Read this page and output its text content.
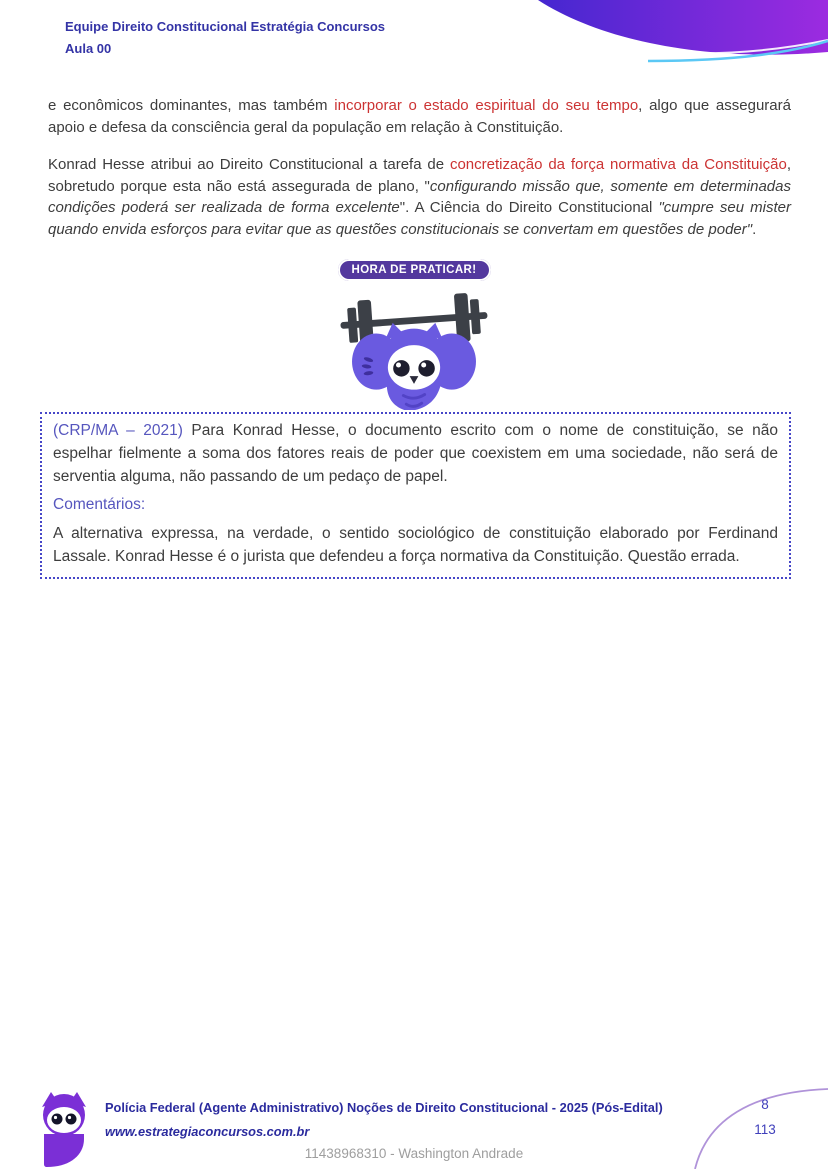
Equipe Direito Constitucional Estratégia Concursos
Aula 00

e econômicos dominantes, mas também incorporar o estado espiritual do seu tempo, algo que assegurará apoio e defesa da consciência geral da população em relação à Constituição.

Konrad Hesse atribui ao Direito Constitucional a tarefa de concretização da força normativa da Constituição, sobretudo porque esta não está assegurada de plano, "configurando missão que, somente em determinadas condições poderá ser realizada de forma excelente". A Ciência do Direito Constitucional "cumpre seu mister quando envida esforços para evitar que as questões constitucionais se convertam em questões de poder".

HORA DE PRATICAR!

(CRP/MA – 2021) Para Konrad Hesse, o documento escrito com o nome de constituição, se não espelhar fielmente a soma dos fatores reais de poder que coexistem em uma sociedade, não será de serventia alguma, não passando de um pedaço de papel.

Comentários:

A alternativa expressa, na verdade, o sentido sociológico de constituição elaborado por Ferdinand Lassale. Konrad Hesse é o jurista que defendeu a força normativa da Constituição. Questão errada.

Polícia Federal (Agente Administrativo) Noções de Direito Constitucional - 2025 (Pós-Edital)
www.estrategiaconcursos.com.br
8
113
11438968310 - Washington Andrade
